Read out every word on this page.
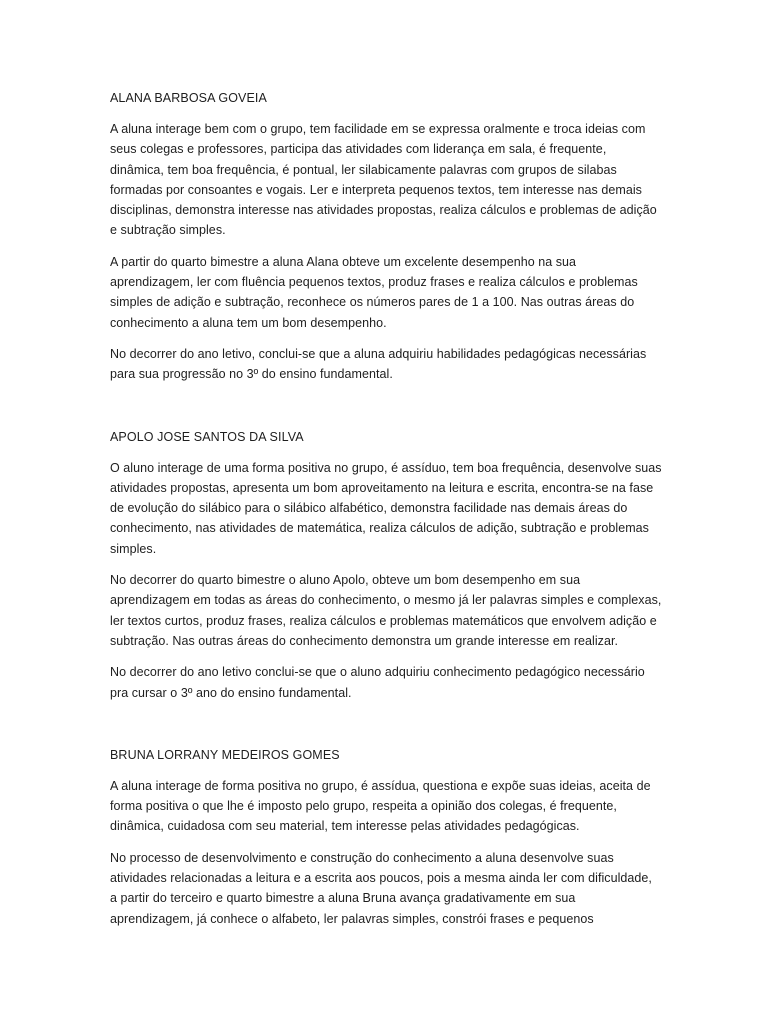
ALANA BARBOSA GOVEIA

A aluna interage bem com o grupo, tem facilidade em se expressa oralmente e troca ideias com seus colegas e professores, participa das atividades com liderança em sala, é frequente, dinâmica, tem boa frequência, é pontual, ler silabicamente palavras com grupos de silabas formadas por consoantes e vogais. Ler e interpreta pequenos textos, tem interesse nas demais disciplinas, demonstra interesse nas atividades propostas, realiza cálculos e problemas de adição e subtração simples.

A partir do quarto bimestre a aluna Alana obteve um excelente desempenho na sua aprendizagem, ler com fluência pequenos textos, produz frases e realiza cálculos e problemas simples de adição e subtração, reconhece os números pares de 1 a 100. Nas outras áreas do conhecimento a aluna tem um bom desempenho.

No decorrer do ano letivo, conclui-se que a aluna adquiriu habilidades pedagógicas necessárias para sua progressão no 3º do ensino fundamental.

APOLO JOSE SANTOS DA SILVA

O aluno interage de uma forma positiva no grupo, é assíduo, tem boa frequência, desenvolve suas atividades propostas, apresenta um bom aproveitamento na leitura e escrita, encontra-se na fase de evolução do silábico para o silábico alfabético, demonstra facilidade nas demais áreas do conhecimento, nas atividades de matemática, realiza cálculos de adição, subtração e problemas simples.

No decorrer do quarto bimestre o aluno Apolo, obteve um bom desempenho em sua aprendizagem em todas as áreas do conhecimento, o mesmo já ler palavras simples e complexas, ler textos curtos, produz frases, realiza cálculos e problemas matemáticos que envolvem adição e subtração. Nas outras áreas do conhecimento demonstra um grande interesse em realizar.

No decorrer do ano letivo conclui-se que o aluno adquiriu conhecimento pedagógico necessário pra cursar o 3º ano do ensino fundamental.

BRUNA LORRANY MEDEIROS GOMES

A aluna interage de forma positiva no grupo, é assídua, questiona e expõe suas ideias, aceita de forma positiva o que lhe é imposto pelo grupo, respeita a opinião dos colegas, é frequente, dinâmica, cuidadosa com seu material, tem interesse pelas atividades pedagógicas.

No processo de desenvolvimento e construção do conhecimento a aluna desenvolve suas atividades relacionadas a leitura e a escrita aos poucos, pois a mesma ainda ler com dificuldade, a partir do terceiro e quarto bimestre a aluna Bruna avança gradativamente em sua aprendizagem, já conhece o alfabeto, ler palavras simples, constrói frases e pequenos
